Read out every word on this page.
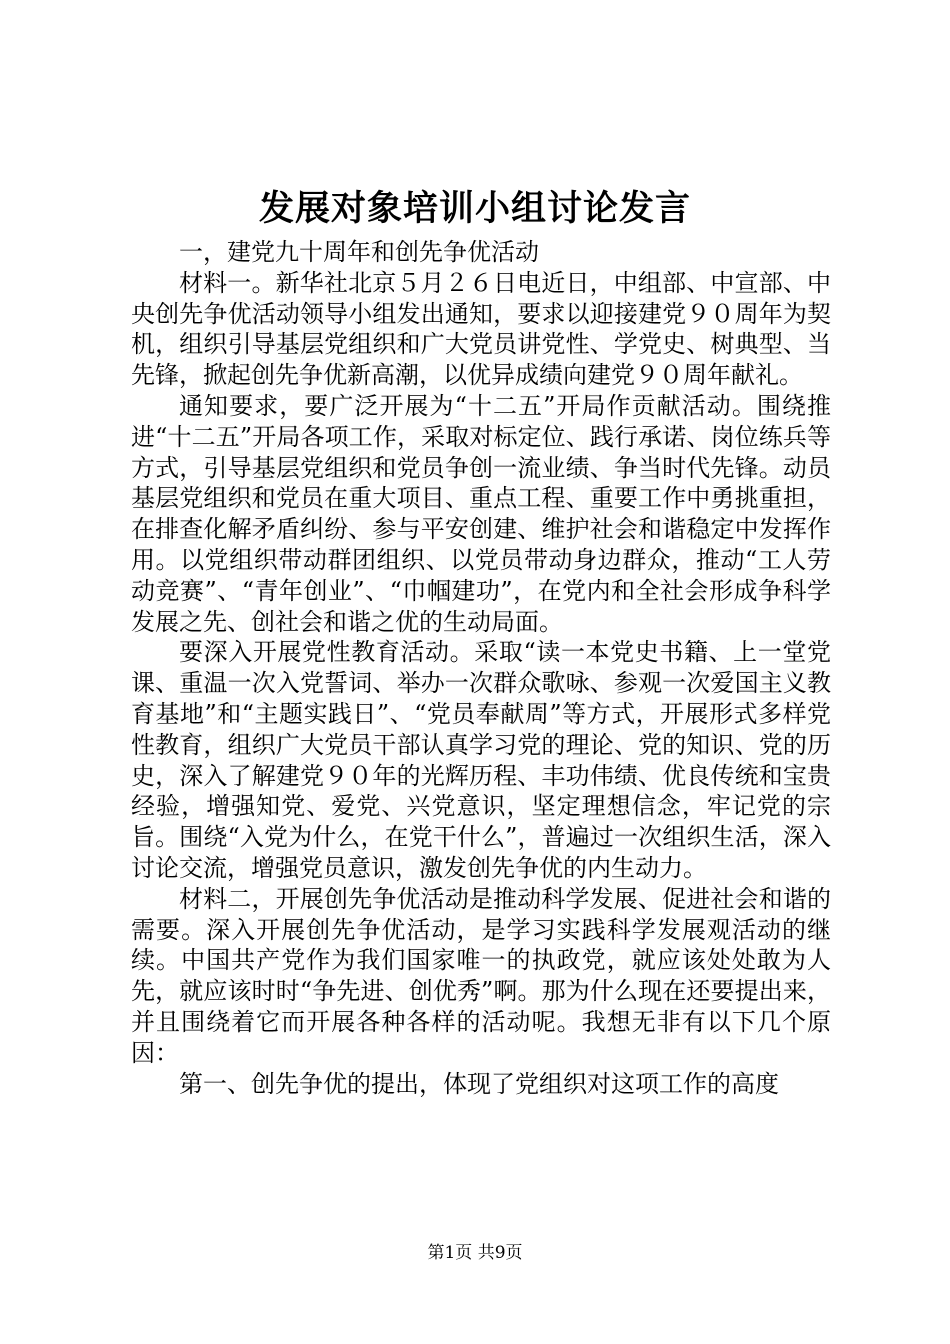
发展对象培训小组讨论发言

一，建党九十周年和创先争优活动

材料一。新华社北京５月２６日电近日，中组部、中宣部、中央创先争优活动领导小组发出通知，要求以迎接建党９０周年为契机，组织引导基层党组织和广大党员讲党性、学党史、树典型、当先锋，掀起创先争优新高潮，以优异成绩向建党９０周年献礼。

通知要求，要广泛开展为“十二五”开局作贡献活动。围绕推进“十二五”开局各项工作，采取对标定位、践行承诺、岗位练兵等方式，引导基层党组织和党员争创一流业绩、争当时代先锋。动员基层党组织和党员在重大项目、重点工程、重要工作中勇挑重担，在排查化解矛盾纠纷、参与平安创建、维护社会和谐稳定中发挥作用。以党组织带动群团组织、以党员带动身边群众，推动“工人劳动竞赛”、“青年创业”、“巾帼建功”，在党内和全社会形成争科学发展之先、创社会和谐之优的生动局面。

要深入开展党性教育活动。采取“读一本党史书籍、上一堂党课、重温一次入党誓词、举办一次群众歌咏、参观一次爱国主义教育基地”和“主题实践日”、“党员奉献周”等方式，开展形式多样党性教育，组织广大党员干部认真学习党的理论、党的知识、党的历史，深入了解建党９０年的光辉历程、丰功伟绩、优良传统和宝贵经验，增强知党、爱党、兴党意识，坚定理想信念，牢记党的宗旨。围绕“入党为什么，在党干什么”，普遍过一次组织生活，深入讨论交流，增强党员意识，激发创先争优的内生动力。

材料二，开展创先争优活动是推动科学发展、促进社会和谐的需要。深入开展创先争优活动，是学习实践科学发展观活动的继续。中国共产党作为我们国家唯一的执政党，就应该处处敢为人先，就应该时时“争先进、创优秀”啊。那为什么现在还要提出来，并且围绕着它而开展各种各样的活动呢。我想无非有以下几个原因：

第一、创先争优的提出，体现了党组织对这项工作的高度

第1页 共9页
